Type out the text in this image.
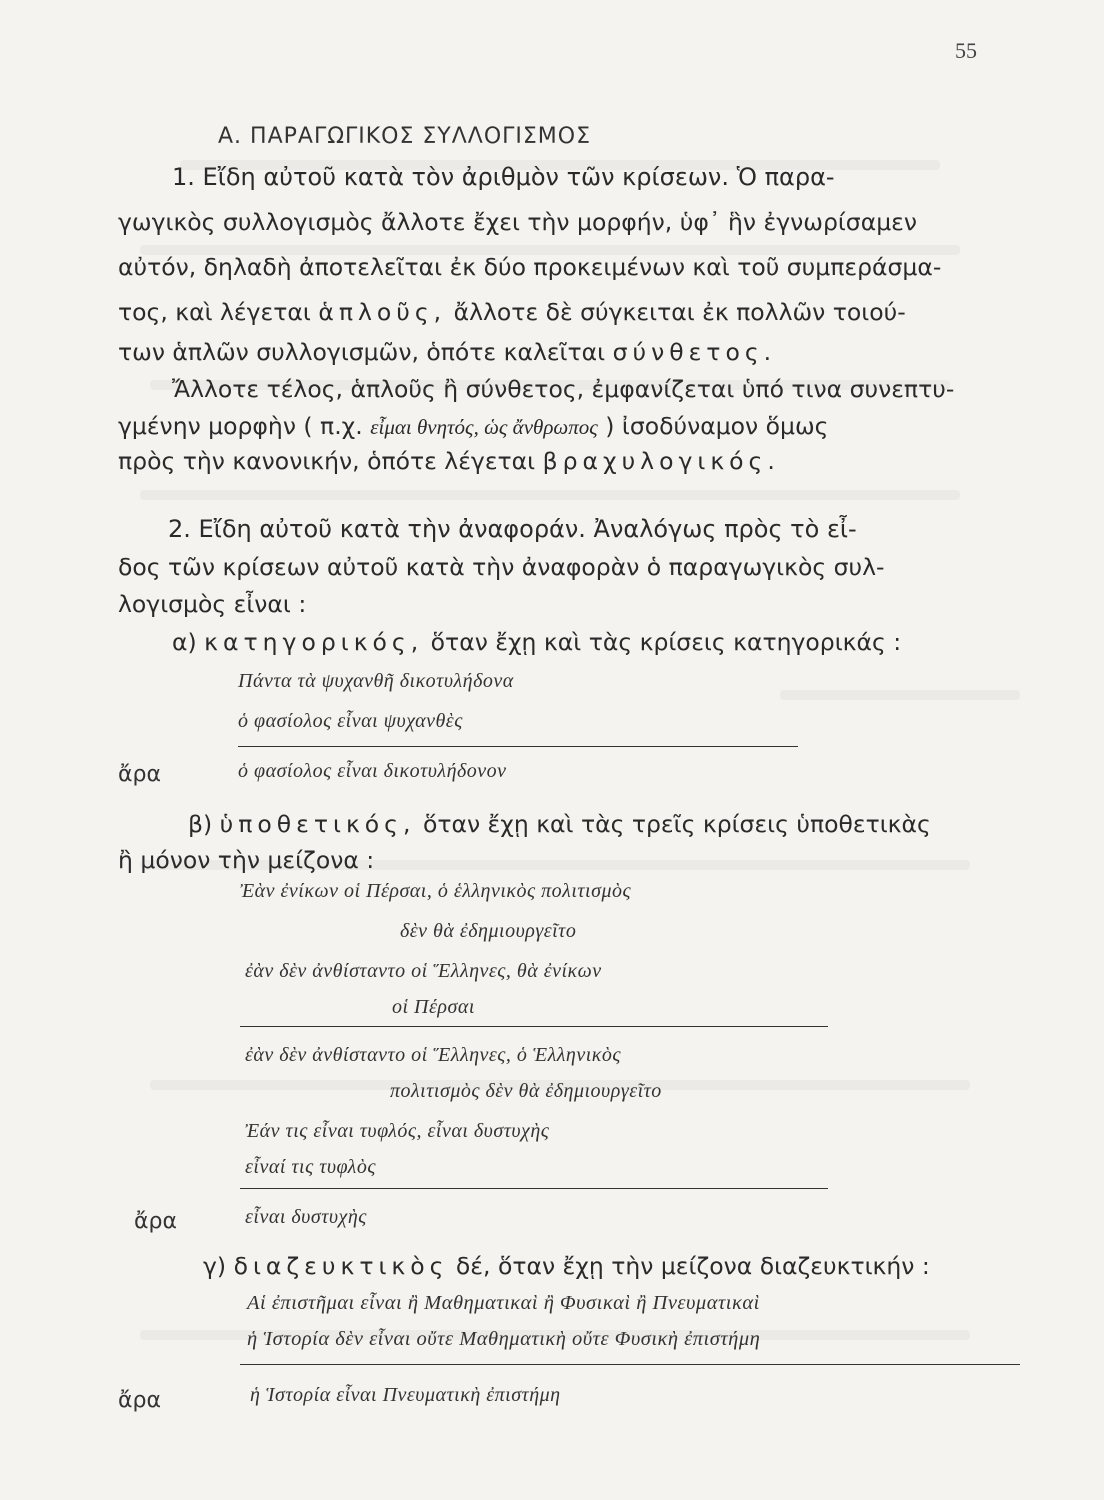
55
Α. ΠΑΡΑΓΩΓΙΚΟΣ ΣΥΛΛΟΓΙΣΜΟΣ
1. Εἴδη αὐτοῦ κατὰ τὸν ἀριθμὸν τῶν κρίσεων. Ὁ παρα-
γωγικὸς συλλογισμὸς ἄλλοτε ἔχει τὴν μορφήν, ὑφ᾿ ἣν ἐγνωρίσαμεν
αὐτόν, δηλαδὴ ἀποτελεῖται ἐκ δύο προκειμένων καὶ τοῦ συμπεράσμα-
τος, καὶ λέγεται ἁπλοῦς, ἄλλοτε δὲ σύγκειται ἐκ πολλῶν τοιού-
των ἁπλῶν συλλογισμῶν, ὁπότε καλεῖται σύνθετος.
Ἄλλοτε τέλος, ἁπλοῦς ἢ σύνθετος, ἐμφανίζεται ὑπό τινα συνεπτυ-
γμένην μορφὴν ( π.χ. εἶμαι θνητός, ὡς ἄνθρωπος ) ἰσοδύναμον ὅμως
πρὸς τὴν κανονικήν, ὁπότε λέγεται βραχυλογικός.
2. Εἴδη αὐτοῦ κατὰ τὴν ἀναφοράν. Ἀναλόγως πρὸς τὸ εἶ-
δος τῶν κρίσεων αὐτοῦ κατὰ τὴν ἀναφορὰν ὁ παραγωγικὸς συλ-
λογισμὸς εἶναι :
α) κατηγορικός, ὅταν ἔχῃ καὶ τὰς κρίσεις κατηγορικάς :
Πάντα τὰ ψυχανθῆ δικοτυλήδονα
ὁ φασίολος εἶναι ψυχανθὲς
ἄρα	ὁ φασίολος εἶναι δικοτυλήδονον
β) ὑποθετικός, ὅταν ἔχῃ καὶ τὰς τρεῖς κρίσεις ὑποθετικὰς
ἢ μόνον τὴν μείζονα :
Ἐὰν ἐνίκων οἱ Πέρσαι, ὁ ἑλληνικὸς πολιτισμὸς
δὲν θὰ ἐδημιουργεῖτο
ἐὰν δὲν ἀνθίσταντο οἱ Ἕλληνες, θὰ ἐνίκων
οἱ Πέρσαι
ἐὰν δὲν ἀνθίσταντο οἱ Ἕλληνες, ὁ Ἑλληνικὸς
πολιτισμὸς δὲν θὰ ἐδημιουργεῖτο
Ἐάν τις εἶναι τυφλός, εἶναι δυστυχὴς
εἶναί τις τυφλὸς
ἄρα	εἶναι δυστυχὴς
γ) διαζευκτικὸς δέ, ὅταν ἔχῃ τὴν μείζονα διαζευκτικήν :
Αἱ ἐπιστῆμαι εἶναι ἢ Μαθηματικαὶ ἢ Φυσικαὶ ἢ Πνευματικαὶ
ἡ Ἱστορία δὲν εἶναι οὔτε Μαθηματικὴ οὔτε Φυσικὴ ἐπιστήμη
ἄρα	ἡ Ἱστορία εἶναι Πνευματικὴ ἐπιστήμη
